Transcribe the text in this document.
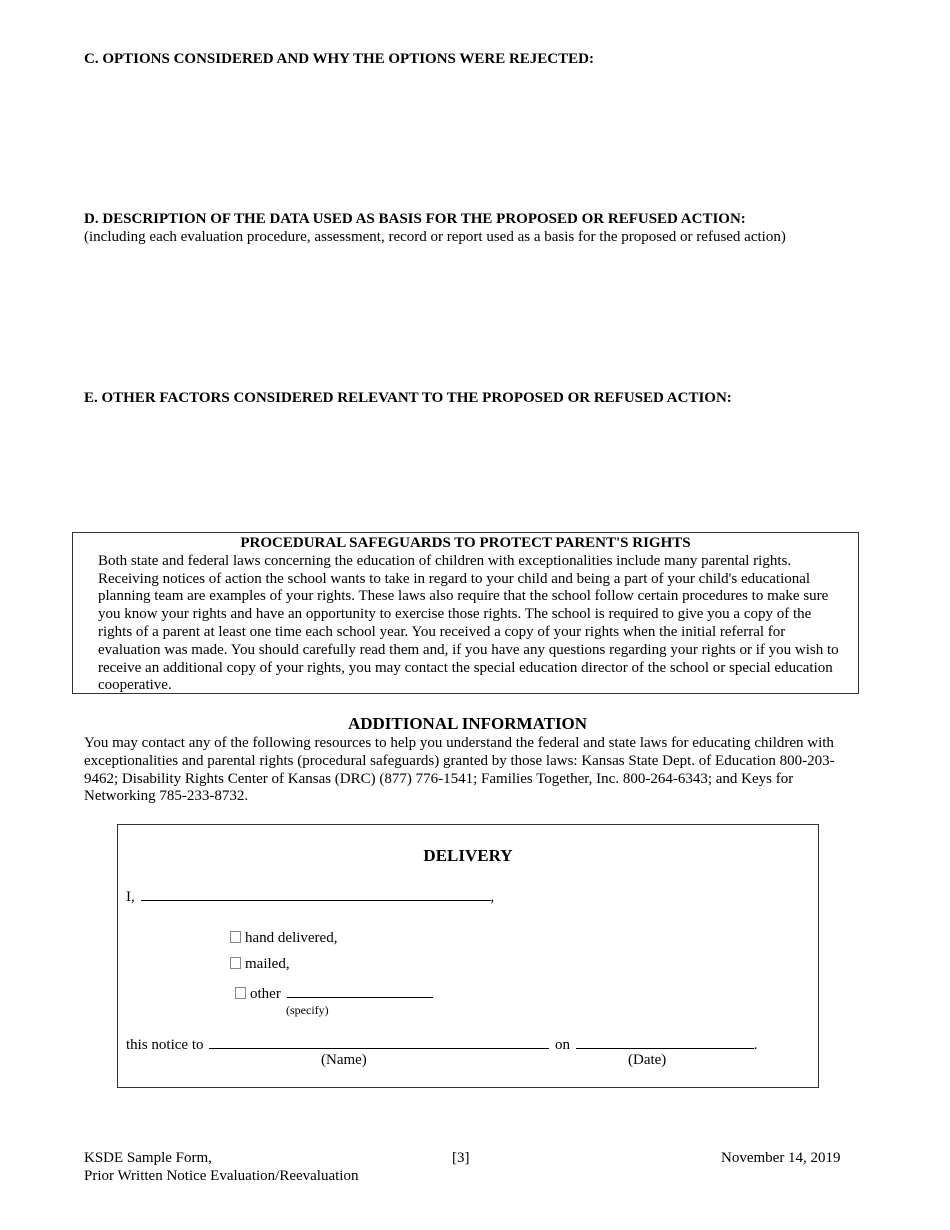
C. OPTIONS CONSIDERED AND WHY THE OPTIONS WERE REJECTED:
D. DESCRIPTION OF THE DATA USED AS BASIS FOR THE PROPOSED OR REFUSED ACTION:
(including each evaluation procedure, assessment, record or report used as a basis for the proposed or refused action)
E. OTHER FACTORS CONSIDERED RELEVANT TO THE PROPOSED OR REFUSED ACTION:
PROCEDURAL SAFEGUARDS TO PROTECT PARENT'S RIGHTS
Both state and federal laws concerning the education of children with exceptionalities include many parental rights. Receiving notices of action the school wants to take in regard to your child and being a part of your child's educational planning team are examples of your rights. These laws also require that the school follow certain procedures to make sure you know your rights and have an opportunity to exercise those rights. The school is required to give you a copy of the rights of a parent at least one time each school year. You received a copy of your rights when the initial referral for evaluation was made. You should carefully read them and, if you have any questions regarding your rights or if you wish to receive an additional copy of your rights, you may contact the special education director of the school or special education cooperative.
ADDITIONAL INFORMATION
You may contact any of the following resources to help you understand the federal and state laws for educating children with exceptionalities and parental rights (procedural safeguards) granted by those laws: Kansas State Dept. of Education 800-203-9462; Disability Rights Center of Kansas (DRC) (877) 776-1541; Families Together, Inc. 800-264-6343; and Keys for Networking 785-233-8732.
DELIVERY
I,	,
hand delivered,
mailed,
other
(specify)
this notice to	on	.
(Name)	(Date)
KSDE Sample Form,
Prior Written Notice Evaluation/Reevaluation
[3]	November 14, 2019
